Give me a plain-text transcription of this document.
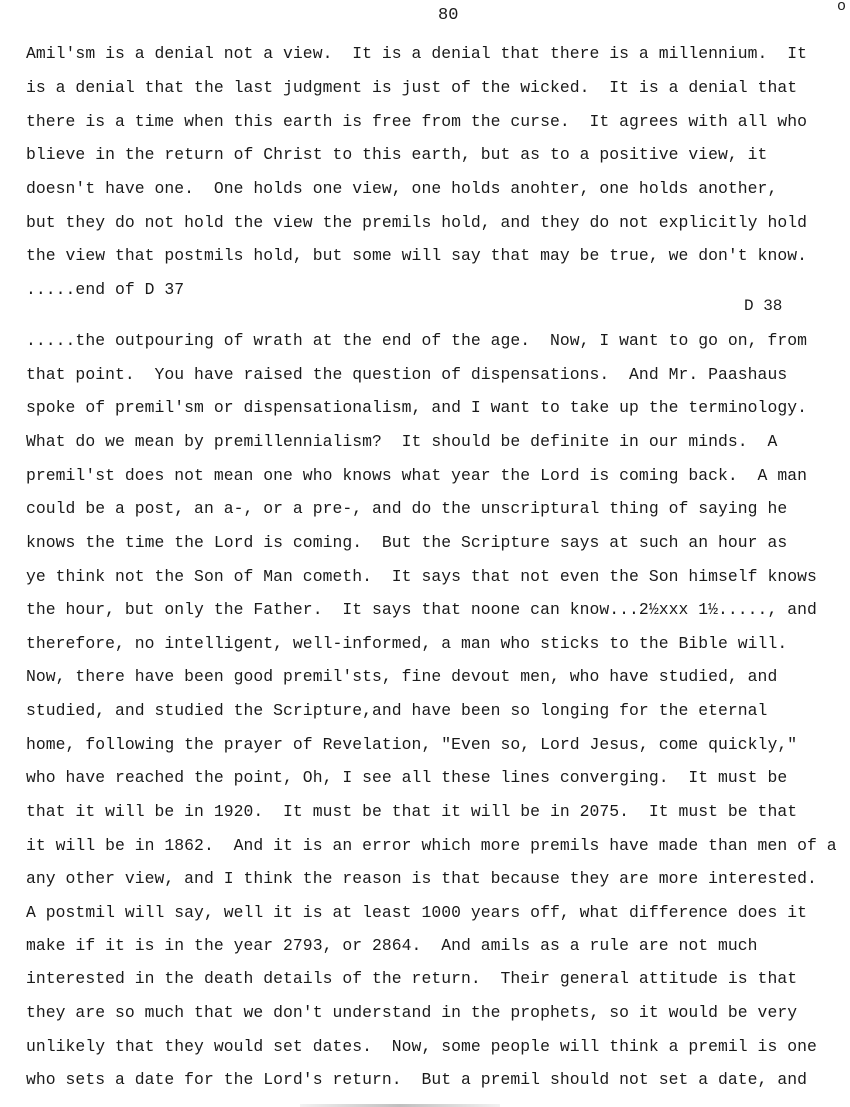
80	o
Amil'sm is a denial not a view.  It is a denial that there is a millennium.  It
is a denial that the last judgment is just of the wicked.  It is a denial that
there is a time when this earth is free from the curse.  It agrees with all who
blieve in the return of Christ to this earth, but as to a positive view, it
doesn't have one.  One holds one view, one holds anohter, one holds another,
but they do not hold the view the premils hold, and they do not explicitly hold
the view that postmils hold, but some will say that may be true, we don't know.
.....end of D 37
D 38
.....the outpouring of wrath at the end of the age.  Now, I want to go on, from
that point.  You have raised the question of dispensations.  And Mr. Paashaus
spoke of premil'sm or dispensationalism, and I want to take up the terminology.
What do we mean by premillennialism?  It should be definite in our minds.  A
premil'st does not mean one who knows what year the Lord is coming back.  A man
could be a post, an a-, or a pre-, and do the unscriptural thing of saying he
knows the time the Lord is coming.  But the Scripture says at such an hour as
ye think not the Son of Man cometh.  It says that not even the Son himself knows
the hour, but only the Father.  It says that noone can know...2½xxx 1½....., and
therefore, no intelligent, well-informed, a man who sticks to the Bible will.
Now, there have been good premil'sts, fine devout men, who have studied, and
studied, and studied the Scripture,and have been so longing for the eternal
home, following the prayer of Revelation, "Even so, Lord Jesus, come quickly,"
who have reached the point, Oh, I see all these lines converging.  It must be
that it will be in 1920.  It must be that it will be in 2075.  It must be that
it will be in 1862.  And it is an error which more premils have made than men of a
any other view, and I think the reason is that because they are more interested.
A postmil will say, well it is at least 1000 years off, what difference does it
make if it is in the year 2793, or 2864.  And amils as a rule are not much
interested in the death details of the return.  Their general attitude is that
they are so much that we don't understand in the prophets, so it would be very
unlikely that they would set dates.  Now, some people will think a premil is one
who sets a date for the Lord's return.  But a premil should not set a date, and
